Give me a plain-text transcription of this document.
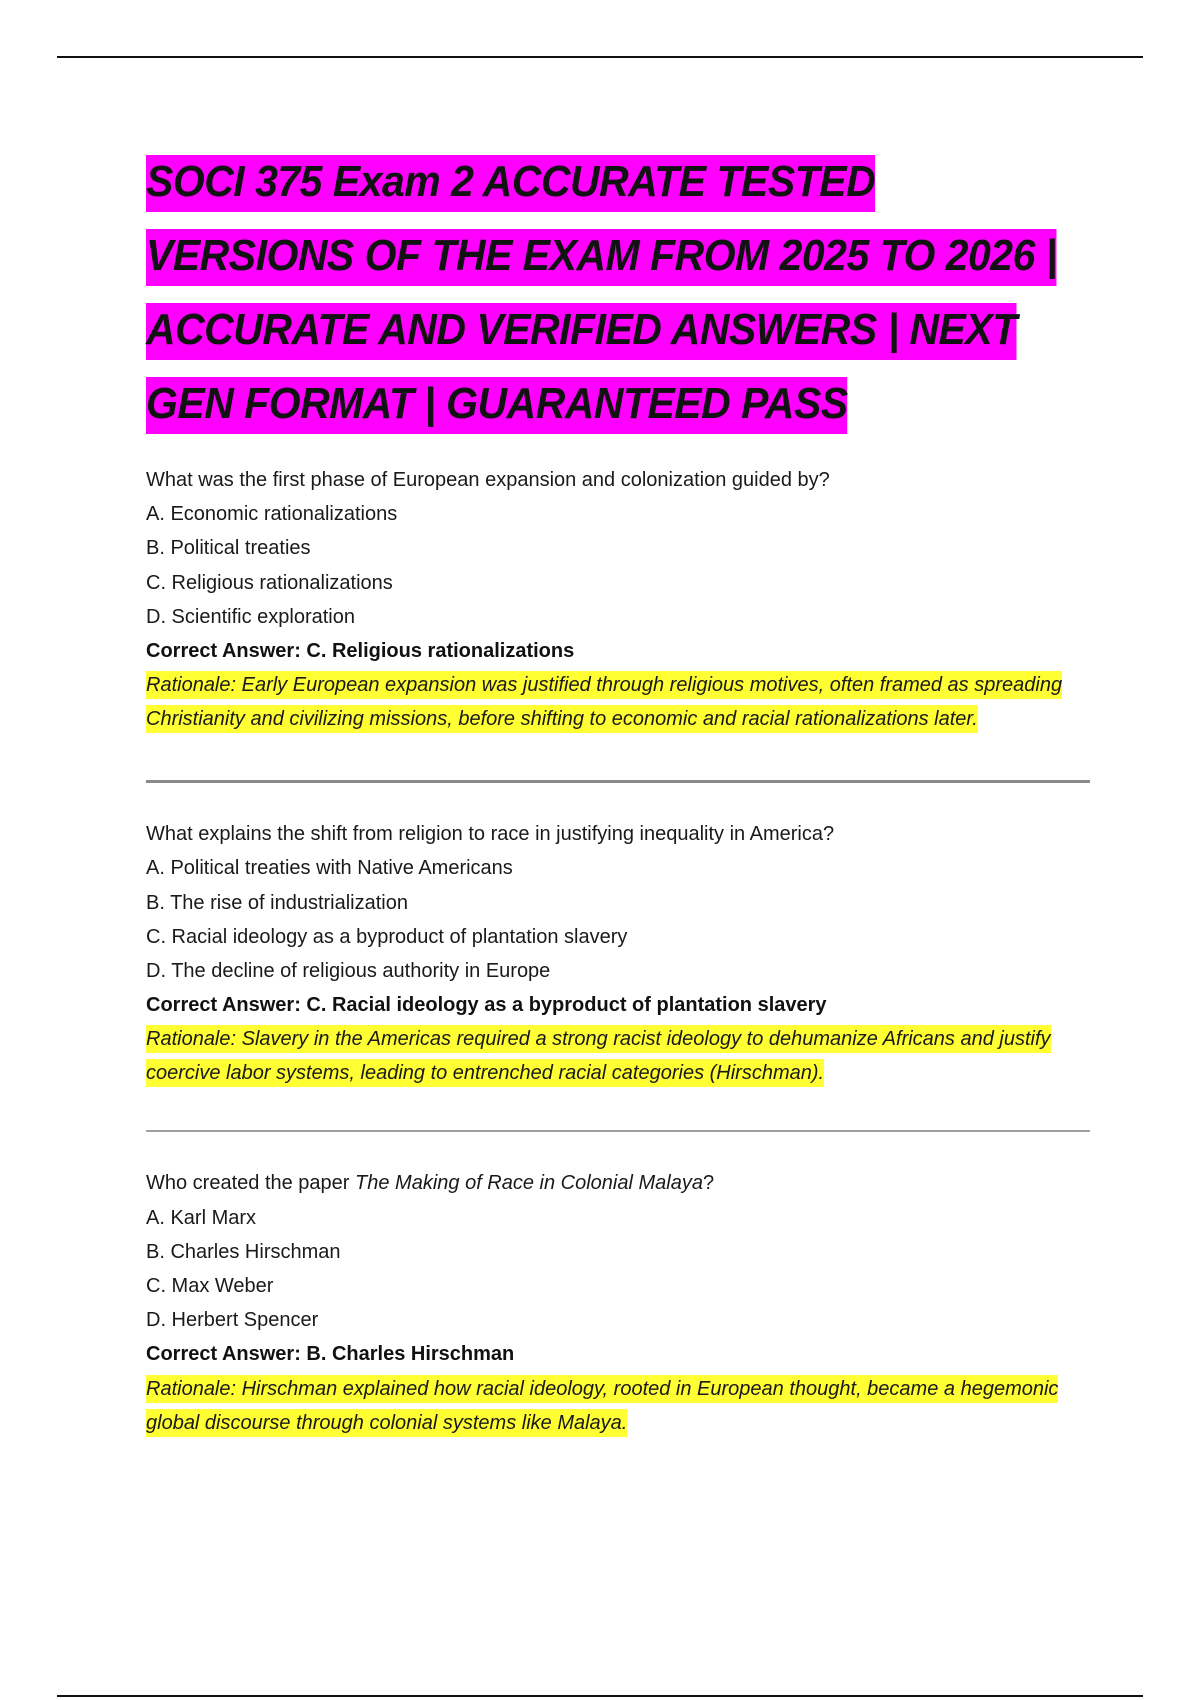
SOCI 375 Exam 2 ACCURATE TESTED VERSIONS OF THE EXAM FROM 2025 TO 2026 | ACCURATE AND VERIFIED ANSWERS | NEXT GEN FORMAT | GUARANTEED PASS

What was the first phase of European expansion and colonization guided by?

A. Economic rationalizations

B. Political treaties

C. Religious rationalizations

D. Scientific exploration

Correct Answer: C. Religious rationalizations

Rationale: Early European expansion was justified through religious motives, often framed as spreading Christianity and civilizing missions, before shifting to economic and racial rationalizations later.

What explains the shift from religion to race in justifying inequality in America?

A. Political treaties with Native Americans

B. The rise of industrialization

C. Racial ideology as a byproduct of plantation slavery

D. The decline of religious authority in Europe

Correct Answer: C. Racial ideology as a byproduct of plantation slavery

Rationale: Slavery in the Americas required a strong racist ideology to dehumanize Africans and justify coercive labor systems, leading to entrenched racial categories (Hirschman).

Who created the paper The Making of Race in Colonial Malaya?

A. Karl Marx

B. Charles Hirschman

C. Max Weber

D. Herbert Spencer

Correct Answer: B. Charles Hirschman

Rationale: Hirschman explained how racial ideology, rooted in European thought, became a hegemonic global discourse through colonial systems like Malaya.
